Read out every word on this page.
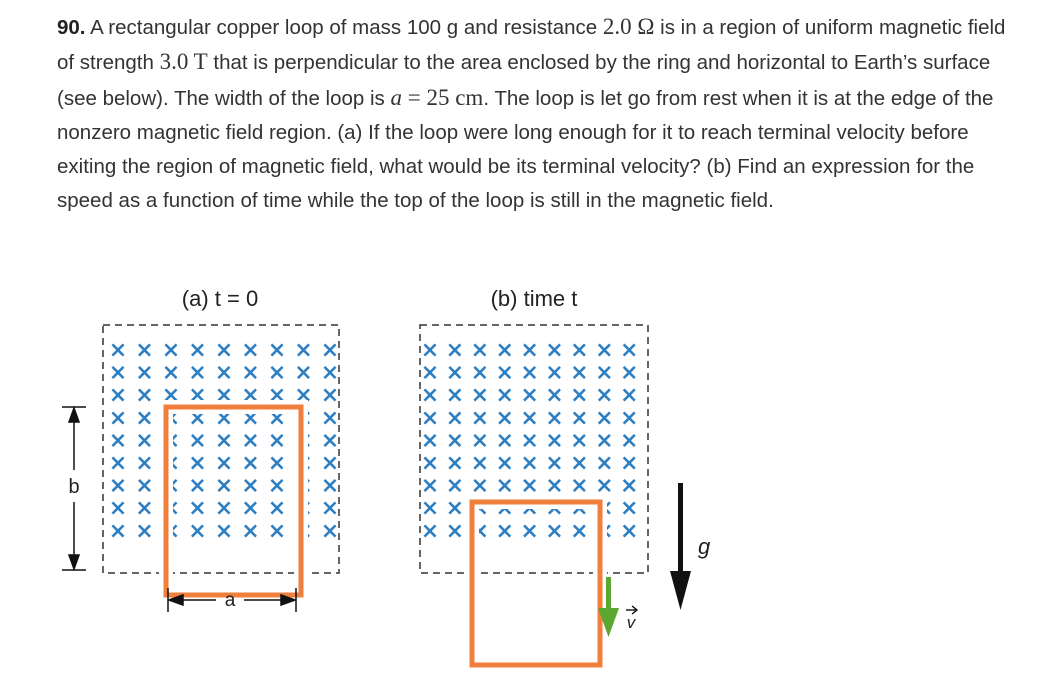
90. A rectangular copper loop of mass 100 g and resistance 2.0 Ω is in a region of uniform magnetic field of strength 3.0 T that is perpendicular to the area enclosed by the ring and horizontal to Earth’s surface (see below). The width of the loop is a = 25 cm. The loop is let go from rest when it is at the edge of the nonzero magnetic field region. (a) If the loop were long enough for it to reach terminal velocity before exiting the region of magnetic field, what would be its terminal velocity? (b) Find an expression for the speed as a function of time while the top of the loop is still in the magnetic field.
(a) t = 0	(b) time t
× × × × × × × × ×
× × × × × × × × ×
× × × × × × × × ×
× × × × × × × × ×
× × × × × × × × ×
× × × × × × × × ×
× × × × × × × × ×
× × × × × × × × ×
× × × × × × × × ×
× × × × × × × × ×
× × × × × × × × ×
× × × × × × × × ×
× × × × × × × × ×
× × × × × × × × ×
× × × × × × × × ×
× × × × × × × × ×
× × × × × × × × ×
× × × × × × × × ×
b
a
v
g
